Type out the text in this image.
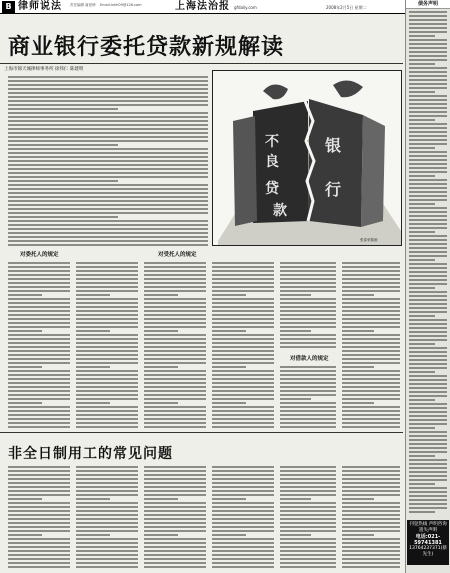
B 律师说法 责任编辑 唐爱珍 Email:lxhh09@126.com	上海法治报 gfdaily.com	2008年2月5日 星期二
债务声明
刊登热线 声明咨询 遗失声明
电话:021-59741381
13764237371(蔡先生)
商业银行委托贷款新规解读
上海市锦天城律师事务所 徐伟仁 陈建明
不
良
贷
款
银
行
张春荣插画
对委托人的规定	对受托人的规定
对借款人的规定
非全日制用工的常见问题
